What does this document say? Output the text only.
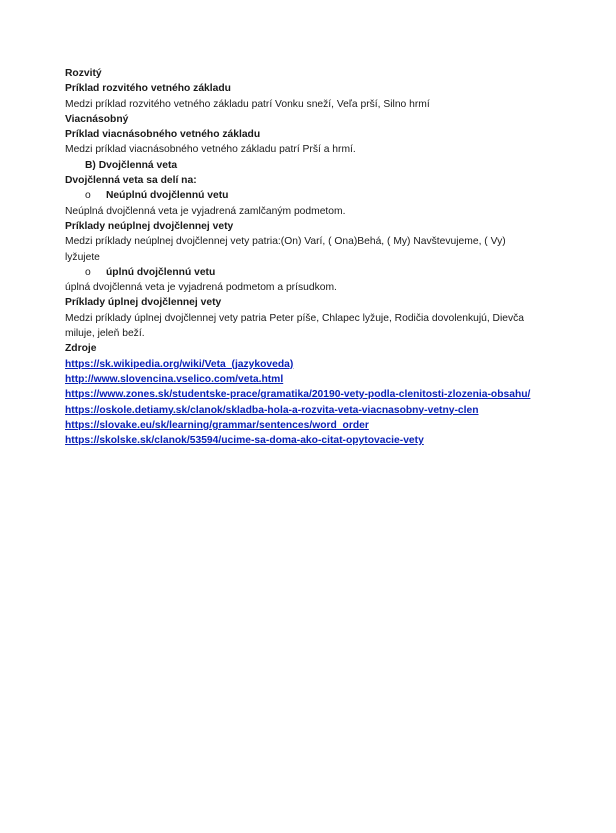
Rozvitý
Príklad rozvitého vetného základu
Medzi príklad rozvitého vetného základu patrí Vonku sneží, Veľa prší, Silno hrmí
Viacnásobný
Príklad viacnásobného vetného základu
Medzi príklad viacnásobného vetného základu patrí Prší a hrmí.
B) Dvojčlenná veta
Dvojčlenná veta sa delí na:
o Neúplnú dvojčlennú vetu
Neúplná dvojčlenná veta je vyjadrená zamlčaným podmetom.
Príklady neúplnej dvojčlennej vety
Medzi príklady neúplnej dvojčlennej vety patria:(On) Varí, ( Ona)Behá, ( My) Navštevujeme, ( Vy) lyžujete
o úplnú dvojčlennú vetu
úplná dvojčlenná veta je vyjadrená podmetom a prísudkom.
Príklady úplnej dvojčlennej vety
Medzi príklady úplnej dvojčlennej vety patria Peter píše, Chlapec lyžuje, Rodičia dovolenkujú, Dievča miluje, jeleň beží.
Zdroje
https://sk.wikipedia.org/wiki/Veta_(jazykoveda)
http://www.slovencina.vselico.com/veta.html
https://www.zones.sk/studentske-prace/gramatika/20190-vety-podla-clenitosti-zlozenia-obsahu/
https://oskole.detiamy.sk/clanok/skladba-hola-a-rozvita-veta-viacnasobny-vetny-clen
https://slovake.eu/sk/learning/grammar/sentences/word_order
https://skolske.sk/clanok/53594/ucime-sa-doma-ako-citat-opytovacie-vety
